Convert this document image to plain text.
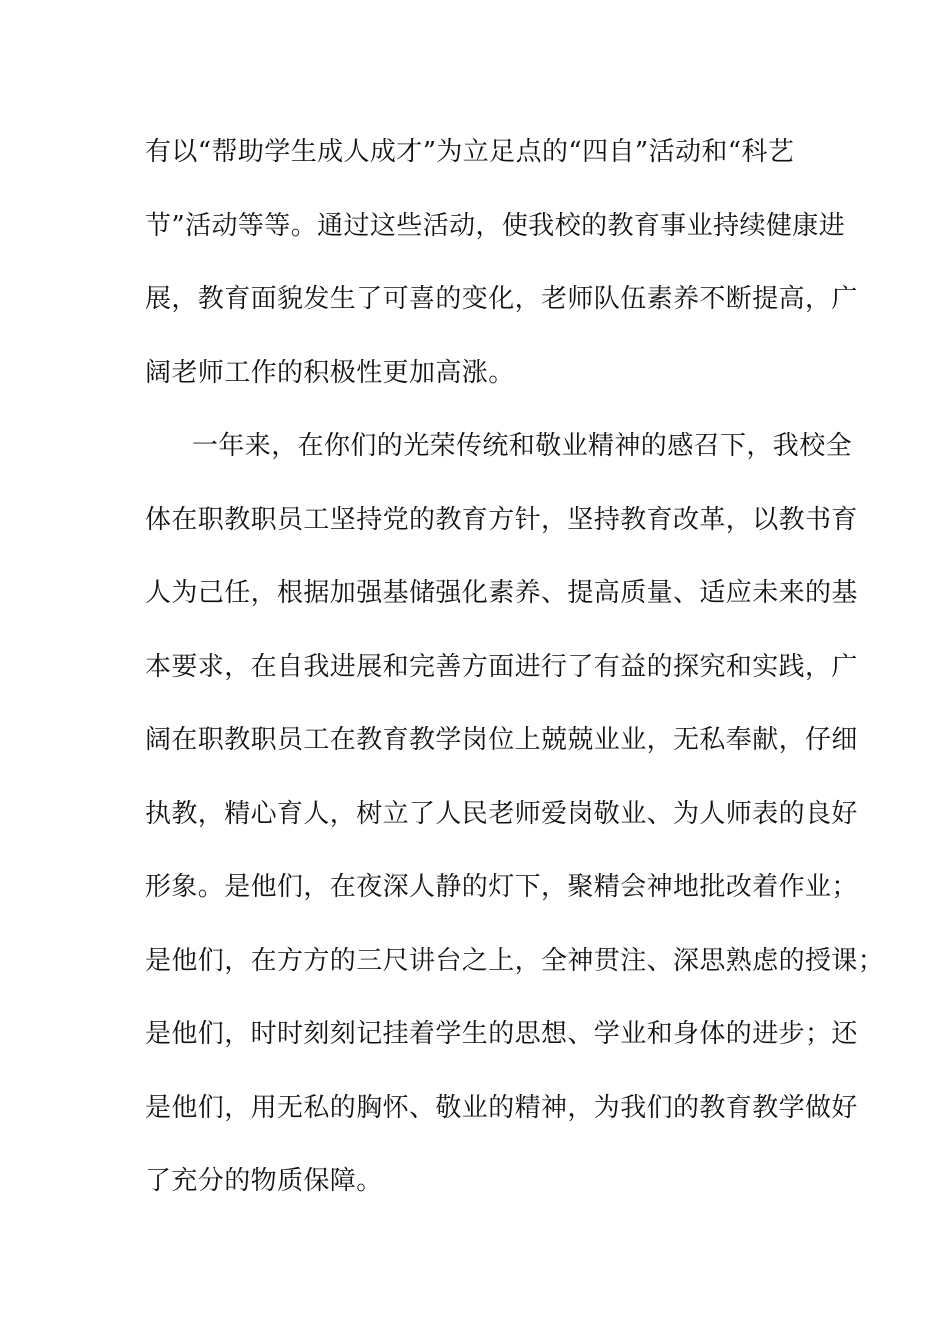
有以“帮助学生成人成才”为立足点的“四自”活动和“科艺
节”活动等等。通过这些活动，使我校的教育事业持续健康进
展，教育面貌发生了可喜的变化，老师队伍素养不断提高，广
阔老师工作的积极性更加高涨。
一年来，在你们的光荣传统和敬业精神的感召下，我校全
体在职教职员工坚持党的教育方针，坚持教育改革，以教书育
人为己任，根据加强基储强化素养、提高质量、适应未来的基
本要求，在自我进展和完善方面进行了有益的探究和实践，广
阔在职教职员工在教育教学岗位上兢兢业业，无私奉献，仔细
执教，精心育人，树立了人民老师爱岗敬业、为人师表的良好
形象。是他们，在夜深人静的灯下，聚精会神地批改着作业；
是他们，在方方的三尺讲台之上，全神贯注、深思熟虑的授课；
是他们，时时刻刻记挂着学生的思想、学业和身体的进步；还
是他们，用无私的胸怀、敬业的精神，为我们的教育教学做好
了充分的物质保障。
